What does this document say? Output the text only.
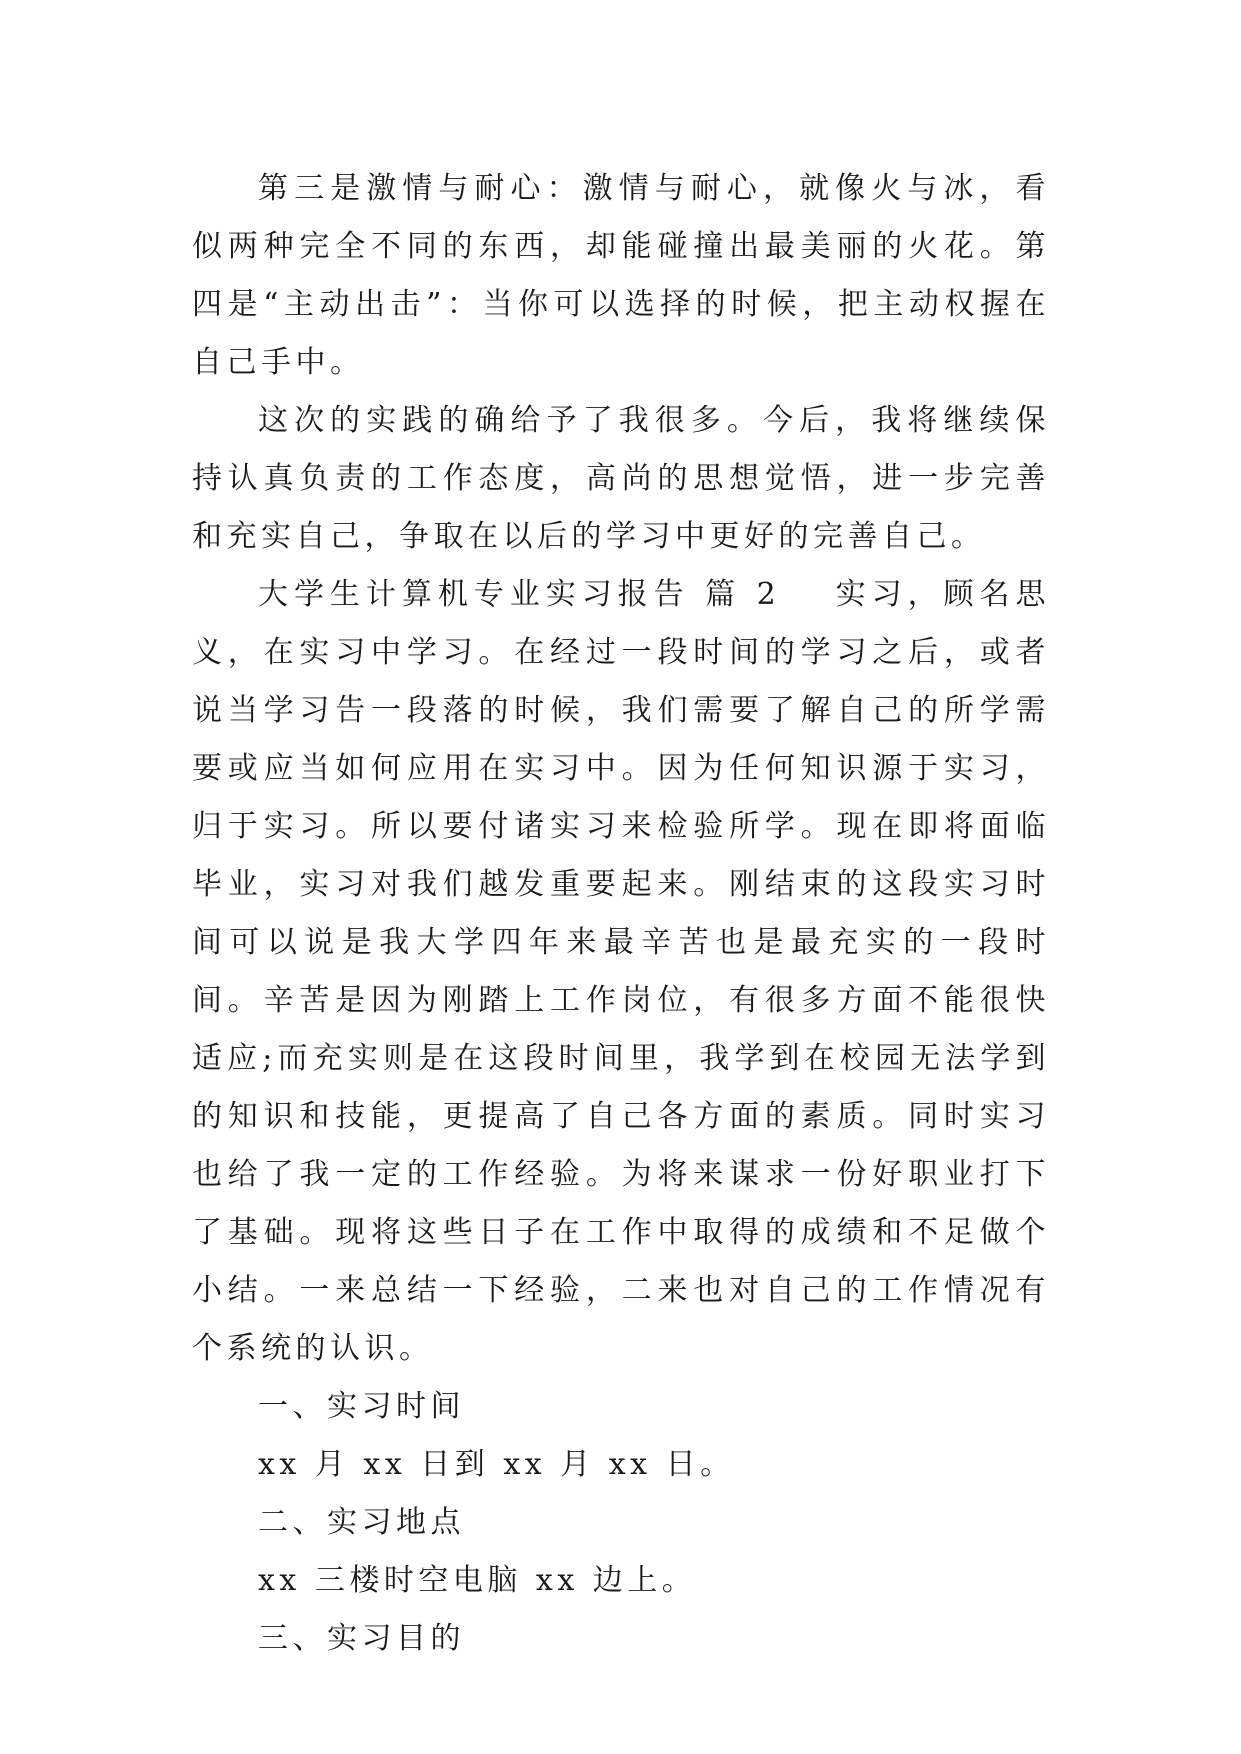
第三是激情与耐心：激情与耐心，就像火与冰，看似两种完全不同的东西，却能碰撞出最美丽的火花。第四是“主动出击”：当你可以选择的时候，把主动权握在自己手中。

这次的实践的确给予了我很多。今后，我将继续保持认真负责的工作态度，高尚的思想觉悟，进一步完善和充实自己，争取在以后的学习中更好的完善自己。

大学生计算机专业实习报告 篇 2 实习，顾名思义，在实习中学习。在经过一段时间的学习之后，或者说当学习告一段落的时候，我们需要了解自己的所学需要或应当如何应用在实习中。因为任何知识源于实习，归于实习。所以要付诸实习来检验所学。现在即将面临毕业，实习对我们越发重要起来。刚结束的这段实习时间可以说是我大学四年来最辛苦也是最充实的一段时间。辛苦是因为刚踏上工作岗位，有很多方面不能很快适应;而充实则是在这段时间里，我学到在校园无法学到的知识和技能，更提高了自己各方面的素质。同时实习也给了我一定的工作经验。为将来谋求一份好职业打下了基础。现将这些日子在工作中取得的成绩和不足做个小结。一来总结一下经验，二来也对自己的工作情况有个系统的认识。

一、实习时间

xx 月 xx 日到 xx 月 xx 日。

二、实习地点

xx 三楼时空电脑 xx 边上。

三、实习目的
